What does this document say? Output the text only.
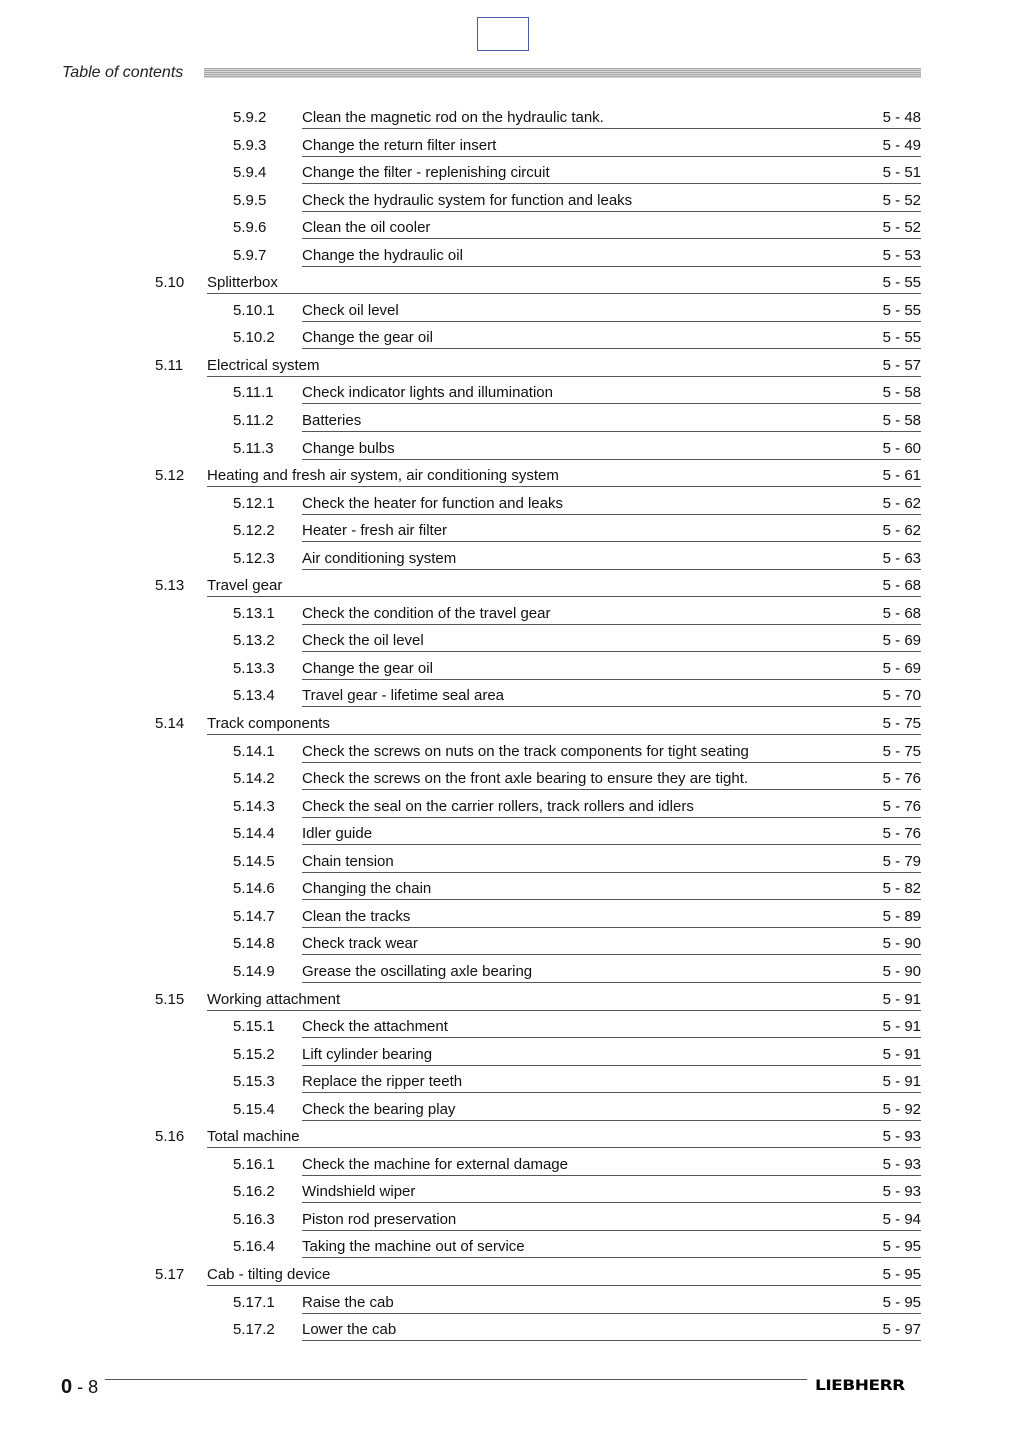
Table of contents
5.9.2 Clean the magnetic rod on the hydraulic tank.	5 - 48
5.9.3 Change the return filter insert	5 - 49
5.9.4 Change the filter - replenishing circuit	5 - 51
5.9.5 Check the hydraulic system for function and leaks	5 - 52
5.9.6 Clean the oil cooler	5 - 52
5.9.7 Change the hydraulic oil	5 - 53
5.10 Splitterbox	5 - 55
5.10.1 Check oil level	5 - 55
5.10.2 Change the gear oil	5 - 55
5.11 Electrical system	5 - 57
5.11.1 Check indicator lights and illumination	5 - 58
5.11.2 Batteries	5 - 58
5.11.3 Change bulbs	5 - 60
5.12 Heating and fresh air system, air conditioning system	5 - 61
5.12.1 Check the heater for function and leaks	5 - 62
5.12.2 Heater - fresh air filter	5 - 62
5.12.3 Air conditioning system	5 - 63
5.13 Travel gear	5 - 68
5.13.1 Check the condition of the travel gear	5 - 68
5.13.2 Check the oil level	5 - 69
5.13.3 Change the gear oil	5 - 69
5.13.4 Travel gear - lifetime seal area	5 - 70
5.14 Track components	5 - 75
5.14.1 Check the screws on nuts on the track components for tight seating	5 - 75
5.14.2 Check the screws on the front axle bearing to ensure they are tight.	5 - 76
5.14.3 Check the seal on the carrier rollers, track rollers and idlers	5 - 76
5.14.4 Idler guide	5 - 76
5.14.5 Chain tension	5 - 79
5.14.6 Changing the chain	5 - 82
5.14.7 Clean the tracks	5 - 89
5.14.8 Check track wear	5 - 90
5.14.9 Grease the oscillating axle bearing	5 - 90
5.15 Working attachment	5 - 91
5.15.1 Check the attachment	5 - 91
5.15.2 Lift cylinder bearing	5 - 91
5.15.3 Replace the ripper teeth	5 - 91
5.15.4 Check the bearing play	5 - 92
5.16 Total machine	5 - 93
5.16.1 Check the machine for external damage	5 - 93
5.16.2 Windshield wiper	5 - 93
5.16.3 Piston rod preservation	5 - 94
5.16.4 Taking the machine out of service	5 - 95
5.17 Cab - tilting device	5 - 95
5.17.1 Raise the cab	5 - 95
5.17.2 Lower the cab	5 - 97
0 - 8	LIEBHERR
